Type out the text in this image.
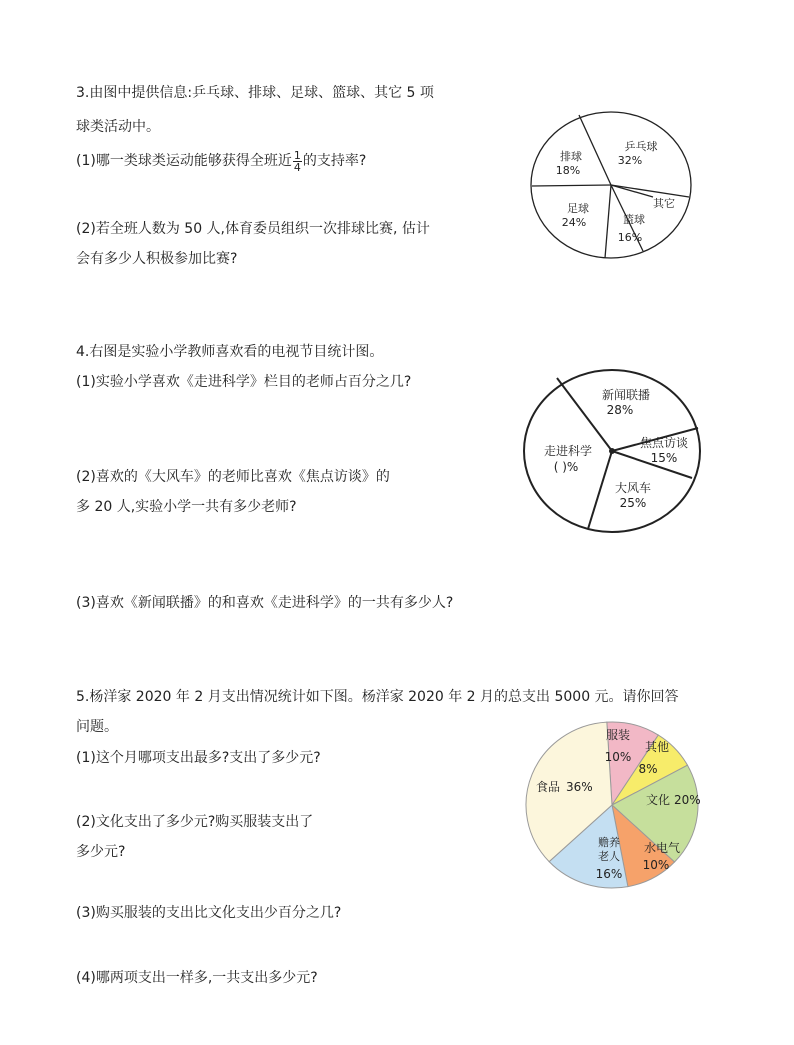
3.由图中提供信息:乒乓球、排球、足球、篮球、其它 5 项
球类活动中。
(1)哪一类球类运动能够获得全班近 $\frac{1}{4}$ 的支持率?
(2)若全班人数为 50 人,体育委员组织一次排球比赛, 估计
会有多少人积极参加比赛?
乒乓球
32%
其它
篮球
16%
足球
24%
排球
18%
4.右图是实验小学教师喜欢看的电视节目统计图。
(1)实验小学喜欢《走进科学》栏目的老师占百分之几?
(2)喜欢的《大风车》的老师比喜欢《焦点访谈》的
多 20 人,实验小学一共有多少老师?
(3)喜欢《新闻联播》的和喜欢《走进科学》的一共有多少人?
新闻联播
28%
焦点访谈
15%
大风车
25%
走进科学
( )%
5.杨洋家 2020 年 2 月支出情况统计如下图。杨洋家 2020 年 2 月的总支出 5000 元。请你回答
问题。
(1)这个月哪项支出最多?支出了多少元?
(2)文化支出了多少元?购买服装支出了
多少元?
(3)购买服装的支出比文化支出少百分之几?
(4)哪两项支出一样多,一共支出多少元?
服装
10%
其他
8%
文化 20%
水电气
10%
赡养老人
16%
食品 36%
